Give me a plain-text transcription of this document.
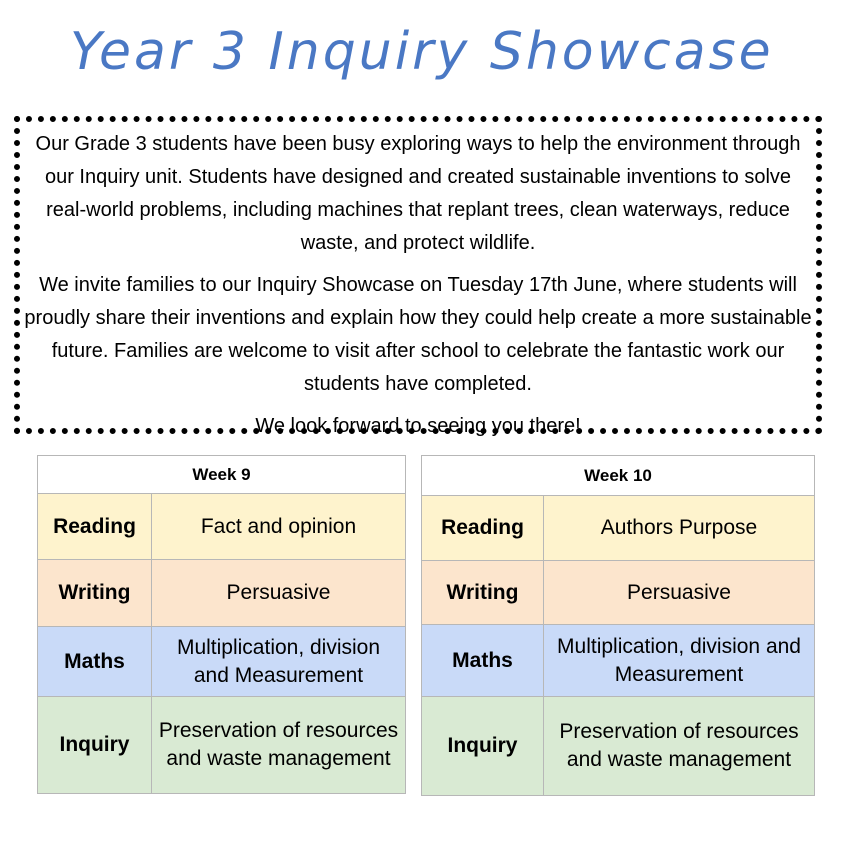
Year 3 Inquiry Showcase

Our Grade 3 students have been busy exploring ways to help the environment through our Inquiry unit. Students have designed and created sustainable inventions to solve real-world problems, including machines that replant trees, clean waterways, reduce waste, and protect wildlife.

We invite families to our Inquiry Showcase on Tuesday 17th June, where students will proudly share their inventions and explain how they could help create a more sustainable future. Families are welcome to visit after school to celebrate the fantastic work our students have completed.

We look forward to seeing you there!

Week 9	
Reading	Fact and opinion
Writing	Persuasive
Maths	Multiplication, division and Measurement
Inquiry	Preservation of resources and waste management
Week 10	
Reading	Authors Purpose
Writing	Persuasive
Maths	Multiplication, division and Measurement
Inquiry	Preservation of resources and waste management
